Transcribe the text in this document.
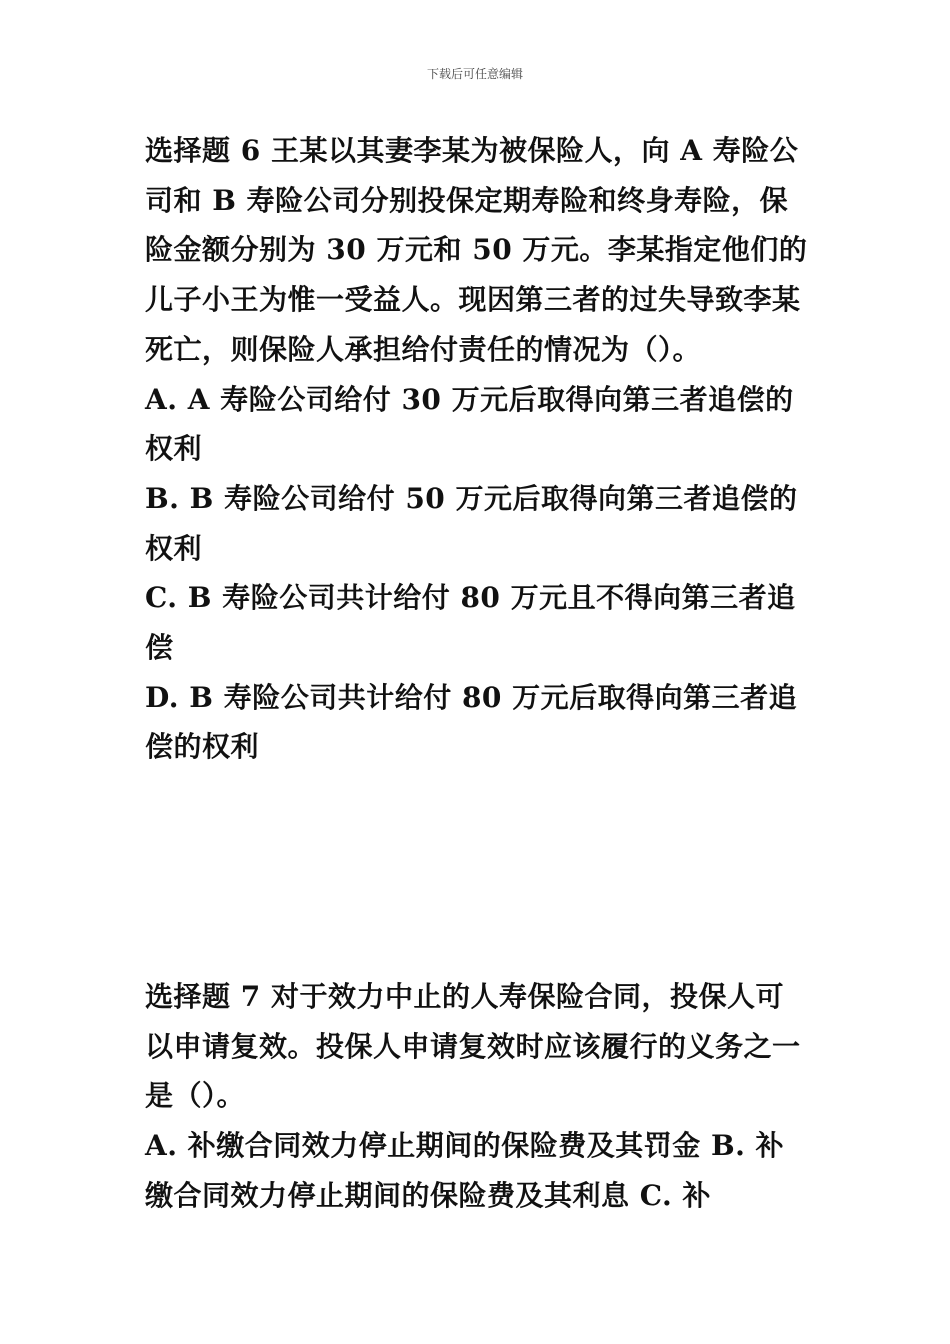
下载后可任意编辑

选择题 6 王某以其妻李某为被保险人，向 A 寿险公司和 B 寿险公司分别投保定期寿险和终身寿险，保险金额分别为 30 万元和 50 万元。李某指定他们的儿子小王为惟一受益人。现因第三者的过失导致李某死亡，则保险人承担给付责任的情况为（）。

A. A 寿险公司给付 30 万元后取得向第三者追偿的权利

B. B 寿险公司给付 50 万元后取得向第三者追偿的权利

C. B 寿险公司共计给付 80 万元且不得向第三者追偿

D. B 寿险公司共计给付 80 万元后取得向第三者追偿的权利

选择题 7 对于效力中止的人寿保险合同，投保人可以申请复效。投保人申请复效时应该履行的义务之一是（）。

A. 补缴合同效力停止期间的保险费及其罚金 B. 补缴合同效力停止期间的保险费及其利息 C. 补
